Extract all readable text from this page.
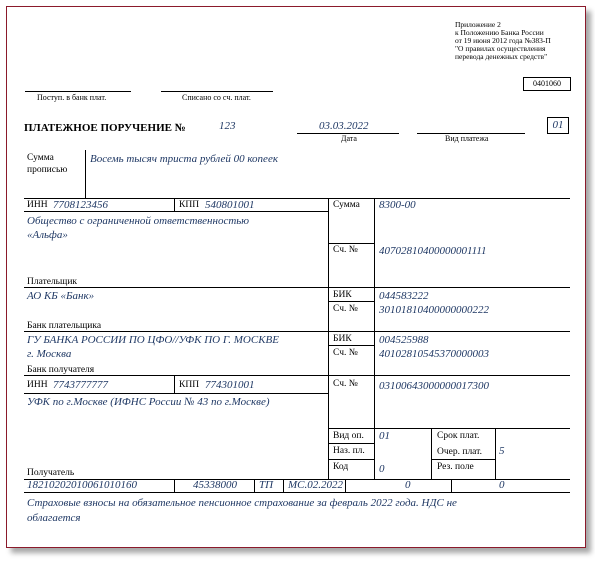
Приложение 2
к Положению Банка России
от 19 июня 2012 года №383-П
"О правилах осуществления
перевода денежных средств"
0401060
Поступ. в банк плат.	Списано со сч. плат.
ПЛАТЕЖНОЕ ПОРУЧЕНИЕ №	123	03.03.2022
Дата	Вид платежа
01
Сумма
прописью
Восемь тысяч триста рублей 00 копеек
ИНН 7708123456	КПП 540801001
Общество с ограниченной ответственностью
«Альфа»
Плательщик
Сумма 8300-00
Сч. № 40702810400000001111
АО КБ «Банк»
Банк плательщика
БИК 044583222
Сч. № 30101810400000000222
ГУ БАНКА РОССИИ ПО ЦФО//УФК ПО Г. МОСКВЕ
г. Москва
Банк получателя
БИК 004525988
Сч. № 40102810545370000003
ИНН 7743777777	КПП 774301001
УФК по г.Москве (ИФНС России № 43 по г.Москве)
Получатель
Сч. № 03100643000000017300
Вид оп. 01
Наз. пл.
Код	0
Срок плат.
Очер. плат. 5
Рез. поле
18210202010061010160	45338000 ТП МС.02.2022	0	0
Страховые взносы на обязательное пенсионное страхование за февраль 2022 года. НДС не
облагается
